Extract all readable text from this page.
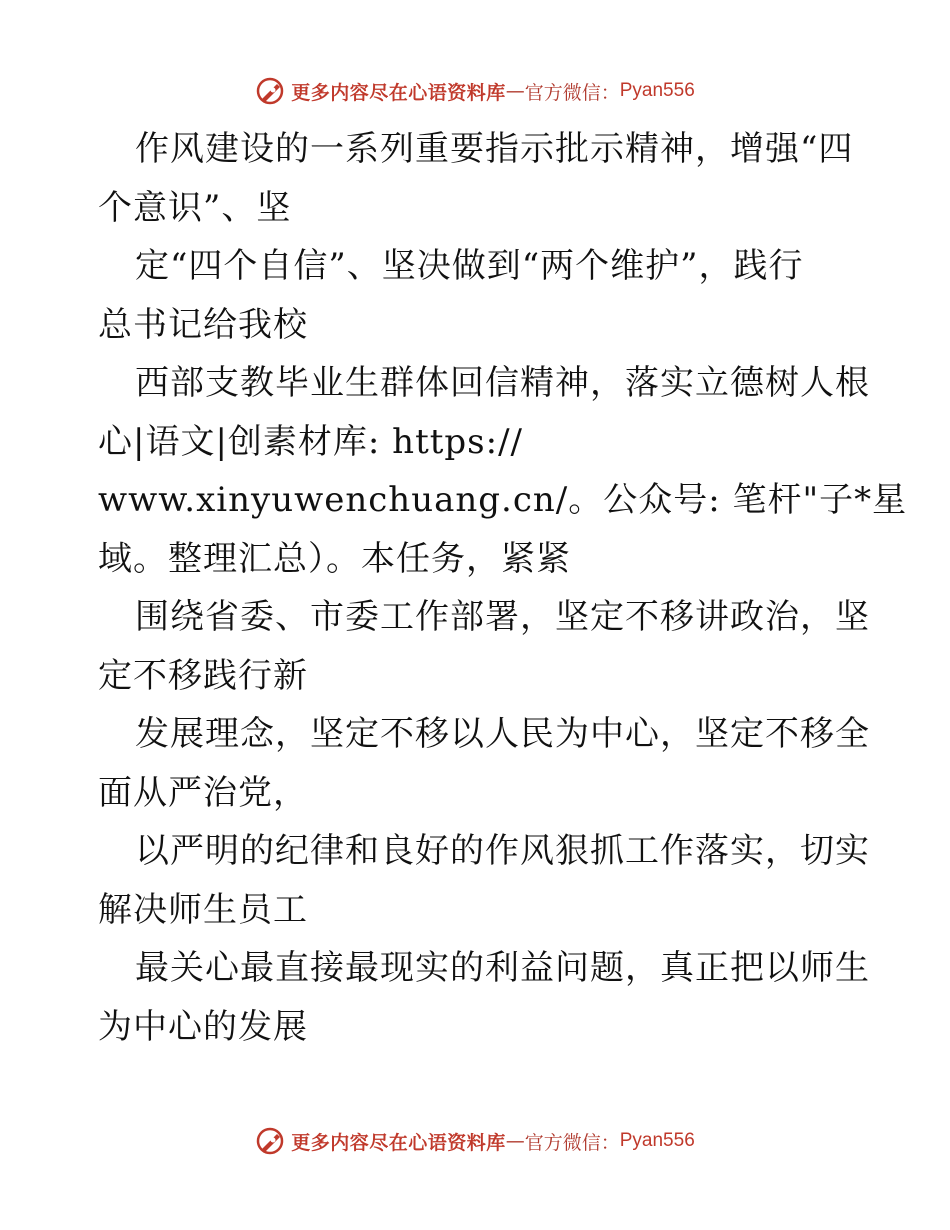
更多内容尽在心语资料库 — 官方微信： Pyan556
作风建设的一系列重要指示批示精神，增强“四
个意识”、坚
定“四个自信”、坚决做到“两个维护”，践行
总书记给我校
西部支教毕业生群体回信精神，落实立德树人根
心|语文|创素材库: https://
www.xinyuwenchuang.cn/。公众号: 笔杆"子*星
域。整理汇总）。本任务，紧紧
围绕省委、市委工作部署，坚定不移讲政治，坚
定不移践行新
发展理念，坚定不移以人民为中心，坚定不移全
面从严治党，
以严明的纪律和良好的作风狠抓工作落实，切实
解决师生员工
最关心最直接最现实的利益问题，真正把以师生
为中心的发展
更多内容尽在心语资料库 — 官方微信： Pyan556
